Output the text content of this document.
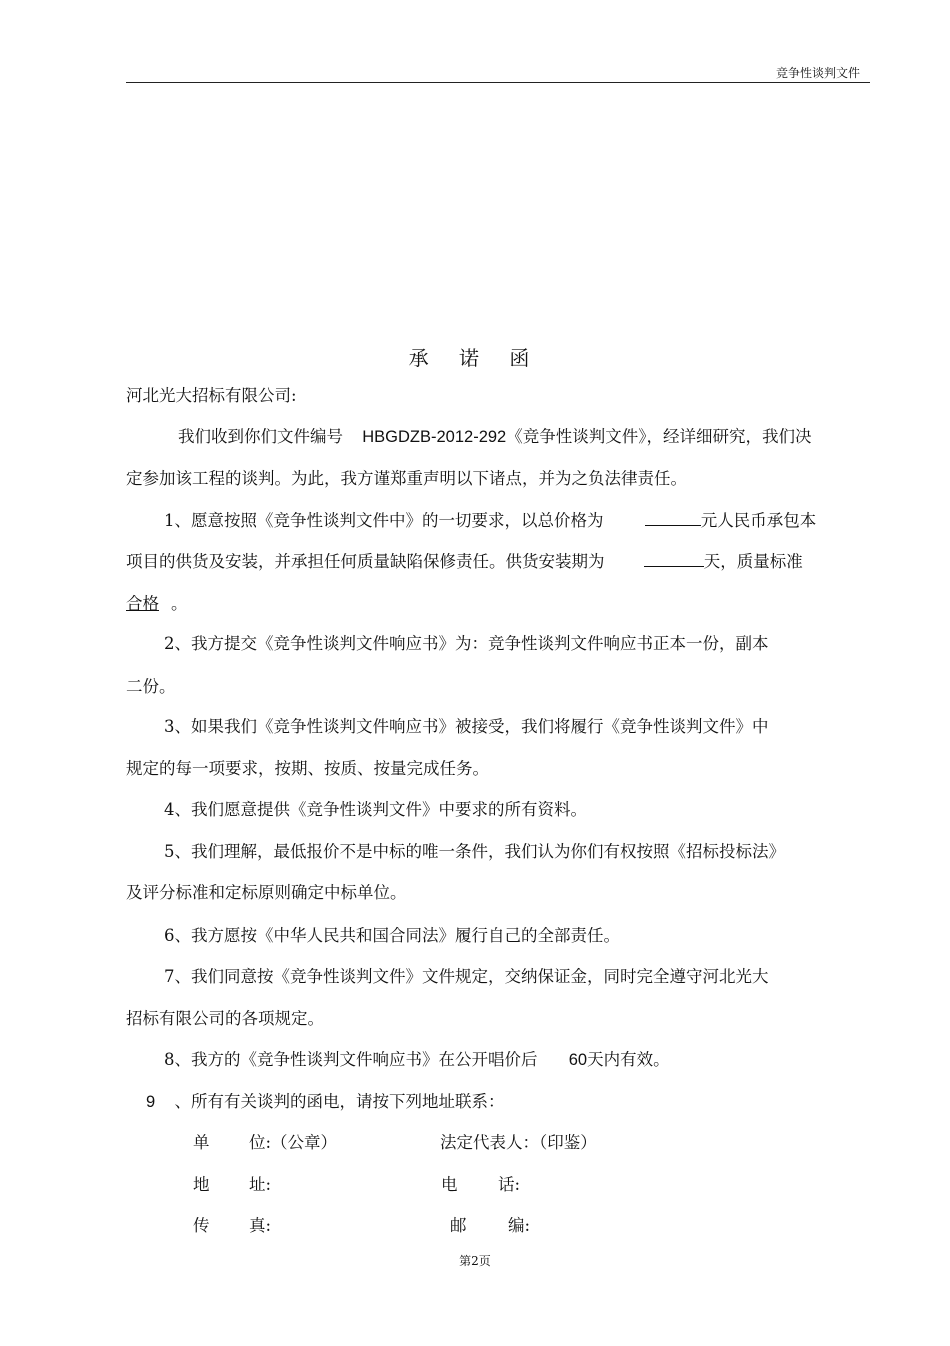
竞争性谈判文件
承 诺 函
河北光大招标有限公司:
我们收到你们文件编号 HBGDZB-2012-292《竞争性谈判文件》，经详细研究，我们决
定参加该工程的谈判。为此，我方谨郑重声明以下诸点，并为之负法律责任。
1、愿意按照《竞争性谈判文件中》的一切要求，以总价格为	元人民币承包本
项目的供货及安装，并承担任何质量缺陷保修责任。供货安装期为	天，质量标准
合格 。
2、我方提交《竞争性谈判文件响应书》为：竞争性谈判文件响应书正本一份，副本
二份。
3、如果我们《竞争性谈判文件响应书》被接受，我们将履行《竞争性谈判文件》中
规定的每一项要求，按期、按质、按量完成任务。
4、我们愿意提供《竞争性谈判文件》中要求的所有资料。
5、我们理解，最低报价不是中标的唯一条件，我们认为你们有权按照《招标投标法》
及评分标准和定标原则确定中标单位。
6、我方愿按《中华人民共和国合同法》履行自己的全部责任。
7、我们同意按《竞争性谈判文件》文件规定，交纳保证金，同时完全遵守河北光大
招标有限公司的各项规定。
8、我方的《竞争性谈判文件响应书》在公开唱价后 60天内有效。
9 、所有有关谈判的函电，请按下列地址联系：
单 位:（公章）	法定代表人：（印鉴）
地 址:	电 话:
传 真:	邮	编:
第2页
